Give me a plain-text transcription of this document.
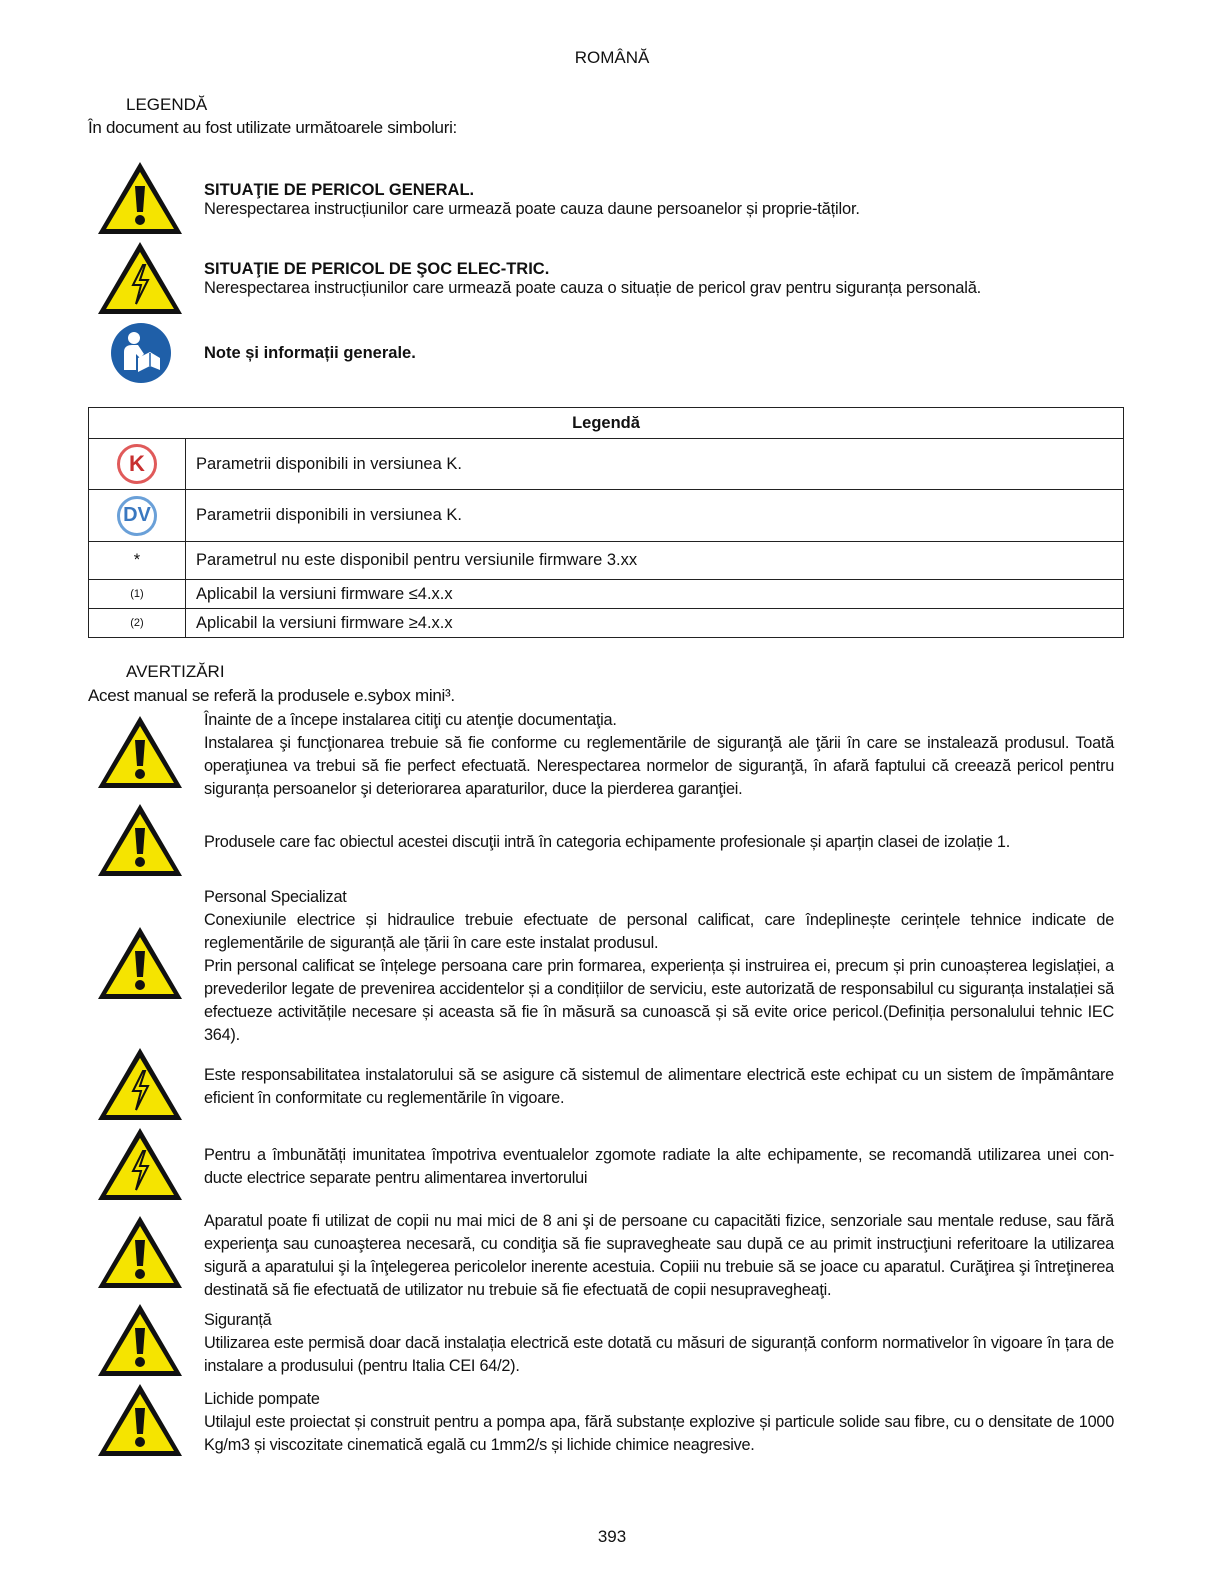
ROMÂNĂ
LEGENDĂ
În document au fost utilizate următoarele simboluri:
SITUAŢIE DE PERICOL GENERAL.
Nerespectarea instrucțiunilor care urmează poate cauza daune persoanelor și proprie-tăților.
SITUAŢIE DE PERICOL DE ŞOC ELEC-TRIC.
Nerespectarea instrucțiunilor care urmează poate cauza o situație de pericol grav pentru siguranța personală.
Note și informații generale.
Legendă	
K	Parametrii disponibili in versiunea K.
DV	Parametrii disponibili in versiunea K.
*	Parametrul nu este disponibil pentru versiunile firmware 3.xx
(1)	Aplicabil la versiuni firmware ≤4.x.x
(2)	Aplicabil la versiuni firmware ≥4.x.x
AVERTIZĂRI
Acest manual se referă la produsele e.sybox mini³.

Înainte de a începe instalarea citiţi cu atenţie documentaţia.

Instalarea şi funcţionarea trebuie să fie conforme cu reglementările de siguranţă ale ţării în care se instalează produsul. Toată operaţiunea va trebui să fie perfect efectuată. Nerespectarea normelor de siguranţă, în afară faptului că creează pericol pentru siguranța persoanelor şi deteriorarea aparaturilor, duce la pierderea garanţiei.

Produsele care fac obiectul acestei discuţii intră în categoria echipamente profesionale și aparțin clasei de izolație 1.

Personal Specializat

Conexiunile electrice și hidraulice trebuie efectuate de personal calificat, care îndeplinește cerințele tehnice indicate de reglementările de siguranță ale țării în care este instalat produsul.

Prin personal calificat se înțelege persoana care prin formarea, experiența și instruirea ei, precum și prin cunoașterea legislației, a prevederilor legate de prevenirea accidentelor și a condițiilor de serviciu, este autorizată de responsabilul cu siguranța instalației să efectueze activitățile necesare și aceasta să fie în măsură sa cunoască și să evite orice pericol.(Definiția personalului tehnic IEC 364).

Este responsabilitatea instalatorului să se asigure că sistemul de alimentare electrică este echipat cu un sistem de împământare eficient în conformitate cu reglementările în vigoare.

Pentru a îmbunătăți imunitatea împotriva eventualelor zgomote radiate la alte echipamente, se recomandă utilizarea unei con-ducte electrice separate pentru alimentarea invertorului

Aparatul poate fi utilizat de copii nu mai mici de 8 ani şi de persoane cu capacităti fizice, senzoriale sau mentale reduse, sau fără experienţa sau cunoaşterea necesară, cu condiţia să fie supravegheate sau după ce au primit instrucţiuni referitoare la utilizarea sigură a aparatului şi la înţelegerea pericolelor inerente acestuia. Copiii nu trebuie să se joace cu aparatul. Curăţirea şi întreţinerea destinată să fie efectuată de utilizator nu trebuie să fie efectuată de copii nesupravegheaţi.

Siguranță

Utilizarea este permisă doar dacă instalația electrică este dotată cu măsuri de siguranță conform normativelor în vigoare în țara de instalare a produsului (pentru Italia CEI 64/2).

Lichide pompate

Utilajul este proiectat și construit pentru a pompa apa, fără substanțe explozive și particule solide sau fibre, cu o densitate de 1000 Kg/m3 și viscozitate cinematică egală cu 1mm2/s și lichide chimice neagresive.

393
